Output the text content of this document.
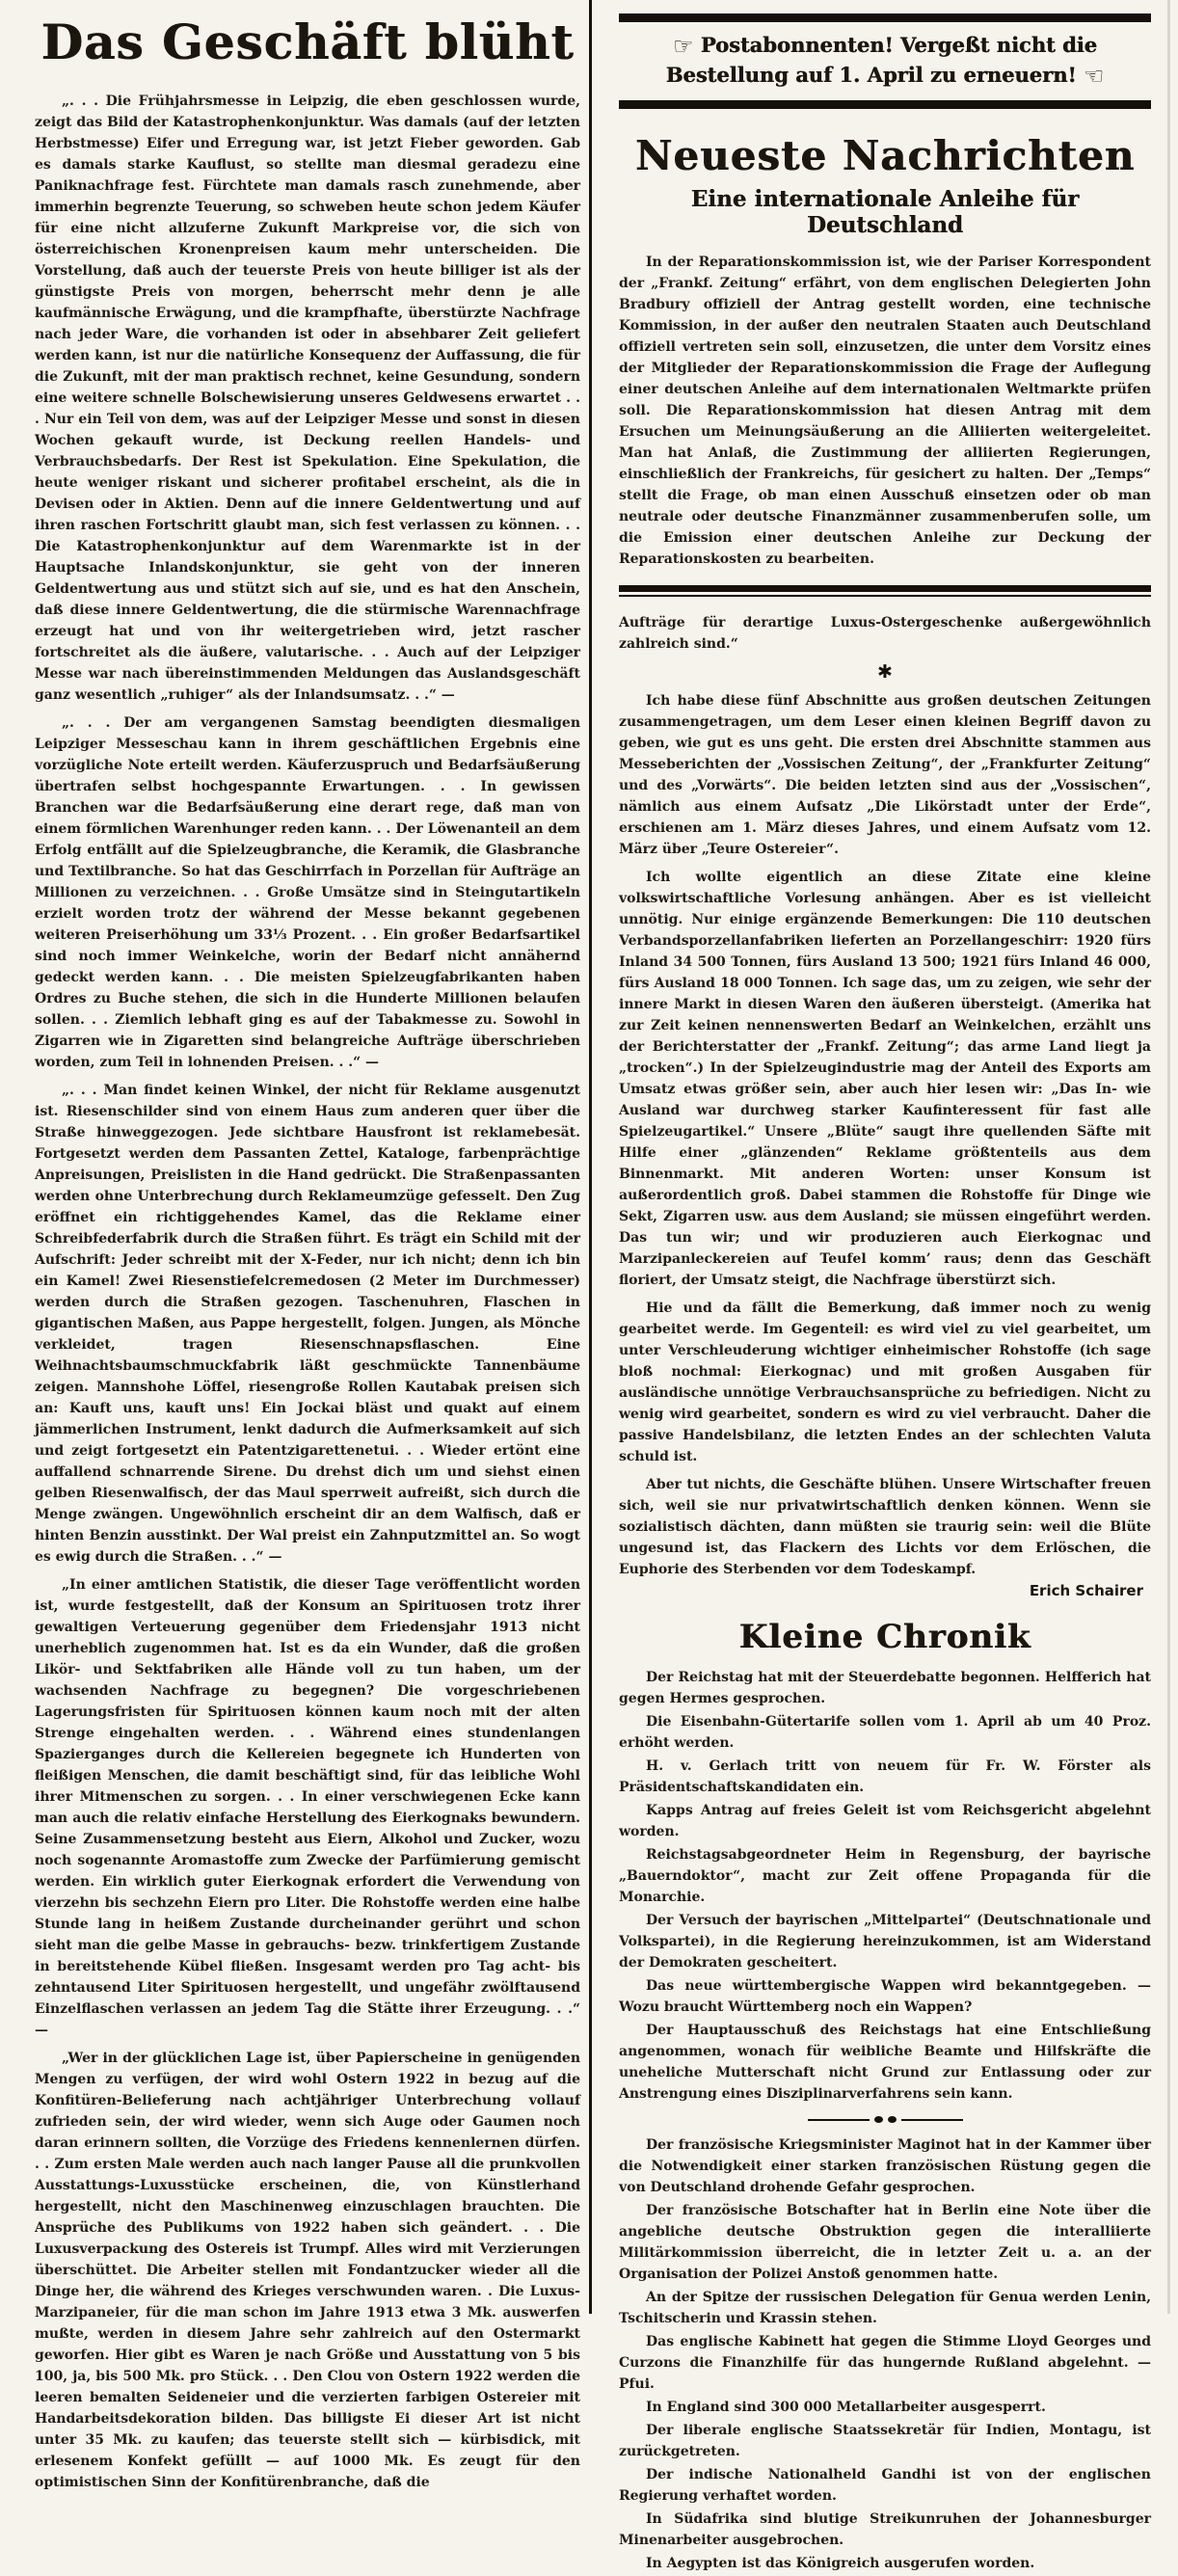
Das Geschäft blüht

„. . . Die Frühjahrsmesse in Leipzig, die eben geschlossen wurde, zeigt das Bild der Katastrophenkonjunktur. Was damals (auf der letzten Herbstmesse) Eifer und Erregung war, ist jetzt Fieber geworden. Gab es damals starke Kauflust, so stellte man diesmal geradezu eine Paniknachfrage fest. Fürchtete man damals rasch zunehmende, aber immerhin begrenzte Teuerung, so schweben heute schon jedem Käufer für eine nicht allzuferne Zukunft Markpreise vor, die sich von österreichischen Kronenpreisen kaum mehr unterscheiden. Die Vorstellung, daß auch der teuerste Preis von heute billiger ist als der günstigste Preis von morgen, beherrscht mehr denn je alle kaufmännische Erwägung, und die krampfhafte, überstürzte Nachfrage nach jeder Ware, die vorhanden ist oder in absehbarer Zeit geliefert werden kann, ist nur die natürliche Konsequenz der Auffassung, die für die Zukunft, mit der man praktisch rechnet, keine Gesundung, sondern eine weitere schnelle Bolschewisierung unseres Geldwesens erwartet . . . Nur ein Teil von dem, was auf der Leipziger Messe und sonst in diesen Wochen gekauft wurde, ist Deckung reellen Handels- und Verbrauchsbedarfs. Der Rest ist Spekulation. Eine Spekulation, die heute weniger riskant und sicherer profitabel erscheint, als die in Devisen oder in Aktien. Denn auf die innere Geldentwertung und auf ihren raschen Fortschritt glaubt man, sich fest verlassen zu können. . . Die Katastrophenkonjunktur auf dem Warenmarkte ist in der Hauptsache Inlandskonjunktur, sie geht von der inneren Geldentwertung aus und stützt sich auf sie, und es hat den Anschein, daß diese innere Geldentwertung, die die stürmische Warennachfrage erzeugt hat und von ihr weitergetrieben wird, jetzt rascher fortschreitet als die äußere, valutarische. . . Auch auf der Leipziger Messe war nach übereinstimmenden Meldungen das Auslandsgeschäft ganz wesentlich „ruhiger“ als der Inlandsumsatz. . .“ —

„. . . Der am vergangenen Samstag beendigten diesmaligen Leipziger Messeschau kann in ihrem geschäftlichen Ergebnis eine vorzügliche Note erteilt werden. Käuferzuspruch und Bedarfsäußerung übertrafen selbst hochgespannte Erwartungen. . . In gewissen Branchen war die Bedarfsäußerung eine derart rege, daß man von einem förmlichen Warenhunger reden kann. . . Der Löwenanteil an dem Erfolg entfällt auf die Spielzeugbranche, die Keramik, die Glasbranche und Textilbranche. So hat das Geschirrfach in Porzellan für Aufträge an Millionen zu verzeichnen. . . Große Umsätze sind in Steingutartikeln erzielt worden trotz der während der Messe bekannt gegebenen weiteren Preiserhöhung um 33⅓ Prozent. . . Ein großer Bedarfsartikel sind noch immer Weinkelche, worin der Bedarf nicht annähernd gedeckt werden kann. . . Die meisten Spielzeugfabrikanten haben Ordres zu Buche stehen, die sich in die Hunderte Millionen belaufen sollen. . . Ziemlich lebhaft ging es auf der Tabakmesse zu. Sowohl in Zigarren wie in Zigaretten sind belangreiche Aufträge überschrieben worden, zum Teil in lohnenden Preisen. . .“ —

„. . . Man findet keinen Winkel, der nicht für Reklame ausgenutzt ist. Riesenschilder sind von einem Haus zum anderen quer über die Straße hinweggezogen. Jede sichtbare Hausfront ist reklamebesät. Fortgesetzt werden dem Passanten Zettel, Kataloge, farbenprächtige Anpreisungen, Preislisten in die Hand gedrückt. Die Straßenpassanten werden ohne Unterbrechung durch Reklameumzüge gefesselt. Den Zug eröffnet ein richtiggehendes Kamel, das die Reklame einer Schreibfederfabrik durch die Straßen führt. Es trägt ein Schild mit der Aufschrift: Jeder schreibt mit der X-Feder, nur ich nicht; denn ich bin ein Kamel! Zwei Riesenstiefelcremedosen (2 Meter im Durchmesser) werden durch die Straßen gezogen. Taschenuhren, Flaschen in gigantischen Maßen, aus Pappe hergestellt, folgen. Jungen, als Mönche verkleidet, tragen Riesenschnapsflaschen. Eine Weihnachtsbaumschmuckfabrik läßt geschmückte Tannenbäume zeigen. Mannshohe Löffel, riesengroße Rollen Kautabak preisen sich an: Kauft uns, kauft uns! Ein Jockai bläst und quakt auf einem jämmerlichen Instrument, lenkt dadurch die Aufmerksamkeit auf sich und zeigt fortgesetzt ein Patentzigarettenetui. . . Wieder ertönt eine auffallend schnarrende Sirene. Du drehst dich um und siehst einen gelben Riesenwalfisch, der das Maul sperrweit aufreißt, sich durch die Menge zwängen. Ungewöhnlich erscheint dir an dem Walfisch, daß er hinten Benzin ausstinkt. Der Wal preist ein Zahnputzmittel an. So wogt es ewig durch die Straßen. . .“ —

„In einer amtlichen Statistik, die dieser Tage veröffentlicht worden ist, wurde festgestellt, daß der Konsum an Spirituosen trotz ihrer gewaltigen Verteuerung gegenüber dem Friedensjahr 1913 nicht unerheblich zugenommen hat. Ist es da ein Wunder, daß die großen Likör- und Sektfabriken alle Hände voll zu tun haben, um der wachsenden Nachfrage zu begegnen? Die vorgeschriebenen Lagerungsfristen für Spirituosen können kaum noch mit der alten Strenge eingehalten werden. . . Während eines stundenlangen Spazierganges durch die Kellereien begegnete ich Hunderten von fleißigen Menschen, die damit beschäftigt sind, für das leibliche Wohl ihrer Mitmenschen zu sorgen. . . In einer verschwiegenen Ecke kann man auch die relativ einfache Herstellung des Eierkognaks bewundern. Seine Zusammensetzung besteht aus Eiern, Alkohol und Zucker, wozu noch sogenannte Aromastoffe zum Zwecke der Parfümierung gemischt werden. Ein wirklich guter Eierkognak erfordert die Verwendung von vierzehn bis sechzehn Eiern pro Liter. Die Rohstoffe werden eine halbe Stunde lang in heißem Zustande durcheinander gerührt und schon sieht man die gelbe Masse in gebrauchs- bezw. trinkfertigem Zustande in bereitstehende Kübel fließen. Insgesamt werden pro Tag acht- bis zehntausend Liter Spirituosen hergestellt, und ungefähr zwölftausend Einzelflaschen verlassen an jedem Tag die Stätte ihrer Erzeugung. . .“ —

„Wer in der glücklichen Lage ist, über Papierscheine in genügenden Mengen zu verfügen, der wird wohl Ostern 1922 in bezug auf die Konfitüren-Belieferung nach achtjähriger Unterbrechung vollauf zufrieden sein, der wird wieder, wenn sich Auge oder Gaumen noch daran erinnern sollten, die Vorzüge des Friedens kennenlernen dürfen. . . Zum ersten Male werden auch nach langer Pause all die prunkvollen Ausstattungs-Luxusstücke erscheinen, die, von Künstlerhand hergestellt, nicht den Maschinenweg einzuschlagen brauchten. Die Ansprüche des Publikums von 1922 haben sich geändert. . . Die Luxusverpackung des Ostereis ist Trumpf. Alles wird mit Verzierungen überschüttet. Die Arbeiter stellen mit Fondantzucker wieder all die Dinge her, die während des Krieges verschwunden waren. . Die Luxus-Marzipaneier, für die man schon im Jahre 1913 etwa 3 Mk. auswerfen mußte, werden in diesem Jahre sehr zahlreich auf den Ostermarkt geworfen. Hier gibt es Waren je nach Größe und Ausstattung von 5 bis 100, ja, bis 500 Mk. pro Stück. . . Den Clou von Ostern 1922 werden die leeren bemalten Seideneier und die verzierten farbigen Ostereier mit Handarbeitsdekoration bilden. Das billigste Ei dieser Art ist nicht unter 35 Mk. zu kaufen; das teuerste stellt sich — kürbisdick, mit erlesenem Konfekt gefüllt — auf 1000 Mk. Es zeugt für den optimistischen Sinn der Konfitürenbranche, daß die

☞ Postabonnenten! Vergeßt nicht die Bestellung auf 1. April zu erneuern! ☜
Neueste Nachrichten
Eine internationale Anleihe für Deutschland

In der Reparationskommission ist, wie der Pariser Korrespondent der „Frankf. Zeitung“ erfährt, von dem englischen Delegierten John Bradbury offiziell der Antrag gestellt worden, eine technische Kommission, in der außer den neutralen Staaten auch Deutschland offiziell vertreten sein soll, einzusetzen, die unter dem Vorsitz eines der Mitglieder der Reparationskommission die Frage der Auflegung einer deutschen Anleihe auf dem internationalen Weltmarkte prüfen soll. Die Reparationskommission hat diesen Antrag mit dem Ersuchen um Meinungsäußerung an die Alliierten weitergeleitet. Man hat Anlaß, die Zustimmung der alliierten Regierungen, einschließlich der Frankreichs, für gesichert zu halten. Der „Temps“ stellt die Frage, ob man einen Ausschuß einsetzen oder ob man neutrale oder deutsche Finanzmänner zusammenberufen solle, um die Emission einer deutschen Anleihe zur Deckung der Reparationskosten zu bearbeiten.

Aufträge für derartige Luxus-Ostergeschenke außergewöhnlich zahlreich sind.“

✱

Ich habe diese fünf Abschnitte aus großen deutschen Zeitungen zusammengetragen, um dem Leser einen kleinen Begriff davon zu geben, wie gut es uns geht. Die ersten drei Abschnitte stammen aus Messeberichten der „Vossischen Zeitung“, der „Frankfurter Zeitung“ und des „Vorwärts“. Die beiden letzten sind aus der „Vossischen“, nämlich aus einem Aufsatz „Die Likörstadt unter der Erde“, erschienen am 1. März dieses Jahres, und einem Aufsatz vom 12. März über „Teure Ostereier“.

Ich wollte eigentlich an diese Zitate eine kleine volkswirtschaftliche Vorlesung anhängen. Aber es ist vielleicht unnötig. Nur einige ergänzende Bemerkungen: Die 110 deutschen Verbandsporzellanfabriken lieferten an Porzellangeschirr: 1920 fürs Inland 34 500 Tonnen, fürs Ausland 13 500; 1921 fürs Inland 46 000, fürs Ausland 18 000 Tonnen. Ich sage das, um zu zeigen, wie sehr der innere Markt in diesen Waren den äußeren übersteigt. (Amerika hat zur Zeit keinen nennenswerten Bedarf an Weinkelchen, erzählt uns der Berichterstatter der „Frankf. Zeitung“; das arme Land liegt ja „trocken“.) In der Spielzeugindustrie mag der Anteil des Exports am Umsatz etwas größer sein, aber auch hier lesen wir: „Das In- wie Ausland war durchweg starker Kaufinteressent für fast alle Spielzeugartikel.“ Unsere „Blüte“ saugt ihre quellenden Säfte mit Hilfe einer „glänzenden“ Reklame größtenteils aus dem Binnenmarkt. Mit anderen Worten: unser Konsum ist außerordentlich groß. Dabei stammen die Rohstoffe für Dinge wie Sekt, Zigarren usw. aus dem Ausland; sie müssen eingeführt werden. Das tun wir; und wir produzieren auch Eierkognac und Marzipanleckereien auf Teufel komm’ raus; denn das Geschäft floriert, der Umsatz steigt, die Nachfrage überstürzt sich.

Hie und da fällt die Bemerkung, daß immer noch zu wenig gearbeitet werde. Im Gegenteil: es wird viel zu viel gearbeitet, um unter Verschleuderung wichtiger einheimischer Rohstoffe (ich sage bloß nochmal: Eierkognac) und mit großen Ausgaben für ausländische unnötige Verbrauchsansprüche zu befriedigen. Nicht zu wenig wird gearbeitet, sondern es wird zu viel verbraucht. Daher die passive Handelsbilanz, die letzten Endes an der schlechten Valuta schuld ist.

Aber tut nichts, die Geschäfte blühen. Unsere Wirtschafter freuen sich, weil sie nur privatwirtschaftlich denken können. Wenn sie sozialistisch dächten, dann müßten sie traurig sein: weil die Blüte ungesund ist, das Flackern des Lichts vor dem Erlöschen, die Euphorie des Sterbenden vor dem Todeskampf.

Erich Schairer
Kleine Chronik

Der Reichstag hat mit der Steuerdebatte begonnen. Helfferich hat gegen Hermes gesprochen.

Die Eisenbahn-Gütertarife sollen vom 1. April ab um 40 Proz. erhöht werden.

H. v. Gerlach tritt von neuem für Fr. W. Förster als Präsidentschaftskandidaten ein.

Kapps Antrag auf freies Geleit ist vom Reichsgericht abgelehnt worden.

Reichstagsabgeordneter Heim in Regensburg, der bayrische „Bauerndoktor“, macht zur Zeit offene Propaganda für die Monarchie.

Der Versuch der bayrischen „Mittelpartei“ (Deutschnationale und Volkspartei), in die Regierung hereinzukommen, ist am Widerstand der Demokraten gescheitert.

Das neue württembergische Wappen wird bekanntgegeben. — Wozu braucht Württemberg noch ein Wappen?

Der Hauptausschuß des Reichstags hat eine Entschließung angenommen, wonach für weibliche Beamte und Hilfskräfte die uneheliche Mutterschaft nicht Grund zur Entlassung oder zur Anstrengung eines Disziplinarverfahrens sein kann.

Der französische Kriegsminister Maginot hat in der Kammer über die Notwendigkeit einer starken französischen Rüstung gegen die von Deutschland drohende Gefahr gesprochen.

Der französische Botschafter hat in Berlin eine Note über die angebliche deutsche Obstruktion gegen die interalliierte Militärkommission überreicht, die in letzter Zeit u. a. an der Organisation der Polizei Anstoß genommen hatte.

An der Spitze der russischen Delegation für Genua werden Lenin, Tschitscherin und Krassin stehen.

Das englische Kabinett hat gegen die Stimme Lloyd Georges und Curzons die Finanzhilfe für das hungernde Rußland abgelehnt. — Pfui.

In England sind 300 000 Metallarbeiter ausgesperrt.

Der liberale englische Staatssekretär für Indien, Montagu, ist zurückgetreten.

Der indische Nationalheld Gandhi ist von der englischen Regierung verhaftet worden.

In Südafrika sind blutige Streikunruhen der Johannesburger Minenarbeiter ausgebrochen.

In Aegypten ist das Königreich ausgerufen worden.
